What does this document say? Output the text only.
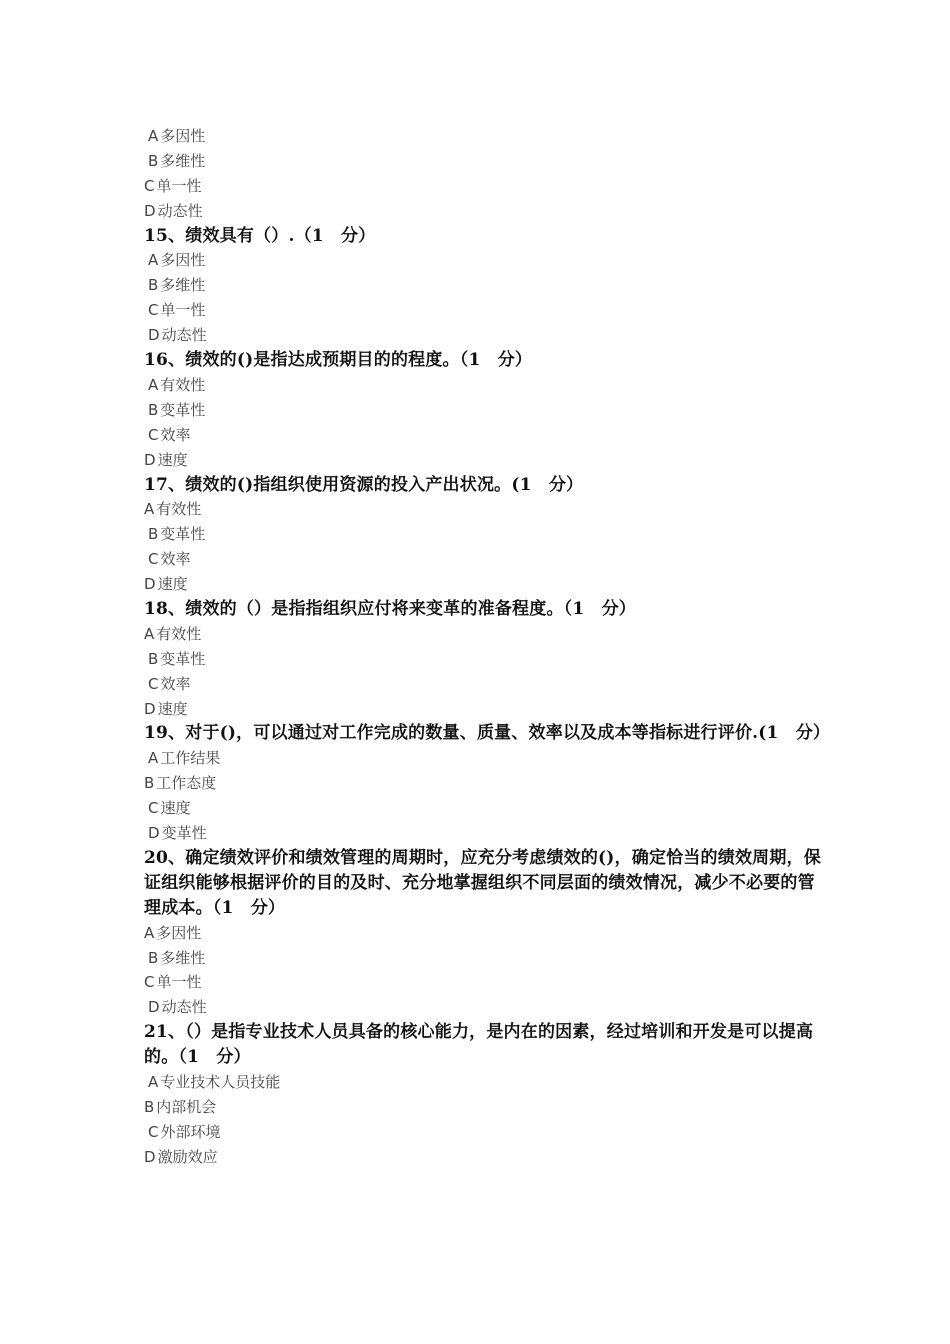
A 多因性
B 多维性
C 单一性
D 动态性
15、绩效具有（）.（1　分）
A 多因性
B 多维性
C 单一性
D 动态性
16、绩效的()是指达成预期目的的程度。（1　分）
A 有效性
B 变革性
C 效率
D 速度
17、绩效的()指组织使用资源的投入产出状况。(1　分）
A 有效性
B 变革性
C 效率
D 速度
18、绩效的（）是指指组织应付将来变革的准备程度。（1　分）
A 有效性
B 变革性
C 效率
D 速度
19、对于()，可以通过对工作完成的数量、质量、效率以及成本等指标进行评价.(1　分）
A 工作结果
B 工作态度
C 速度
D 变革性
20、确定绩效评价和绩效管理的周期时，应充分考虑绩效的()，确定恰当的绩效周期，保证组织能够根据评价的目的及时、充分地掌握组织不同层面的绩效情况，减少不必要的管理成本。（1　分）
A 多因性
B 多维性
C 单一性
D 动态性
21、（）是指专业技术人员具备的核心能力，是内在的因素，经过培训和开发是可以提高的。（1　分）
A 专业技术人员技能
B 内部机会
C 外部环境
D 激励效应
